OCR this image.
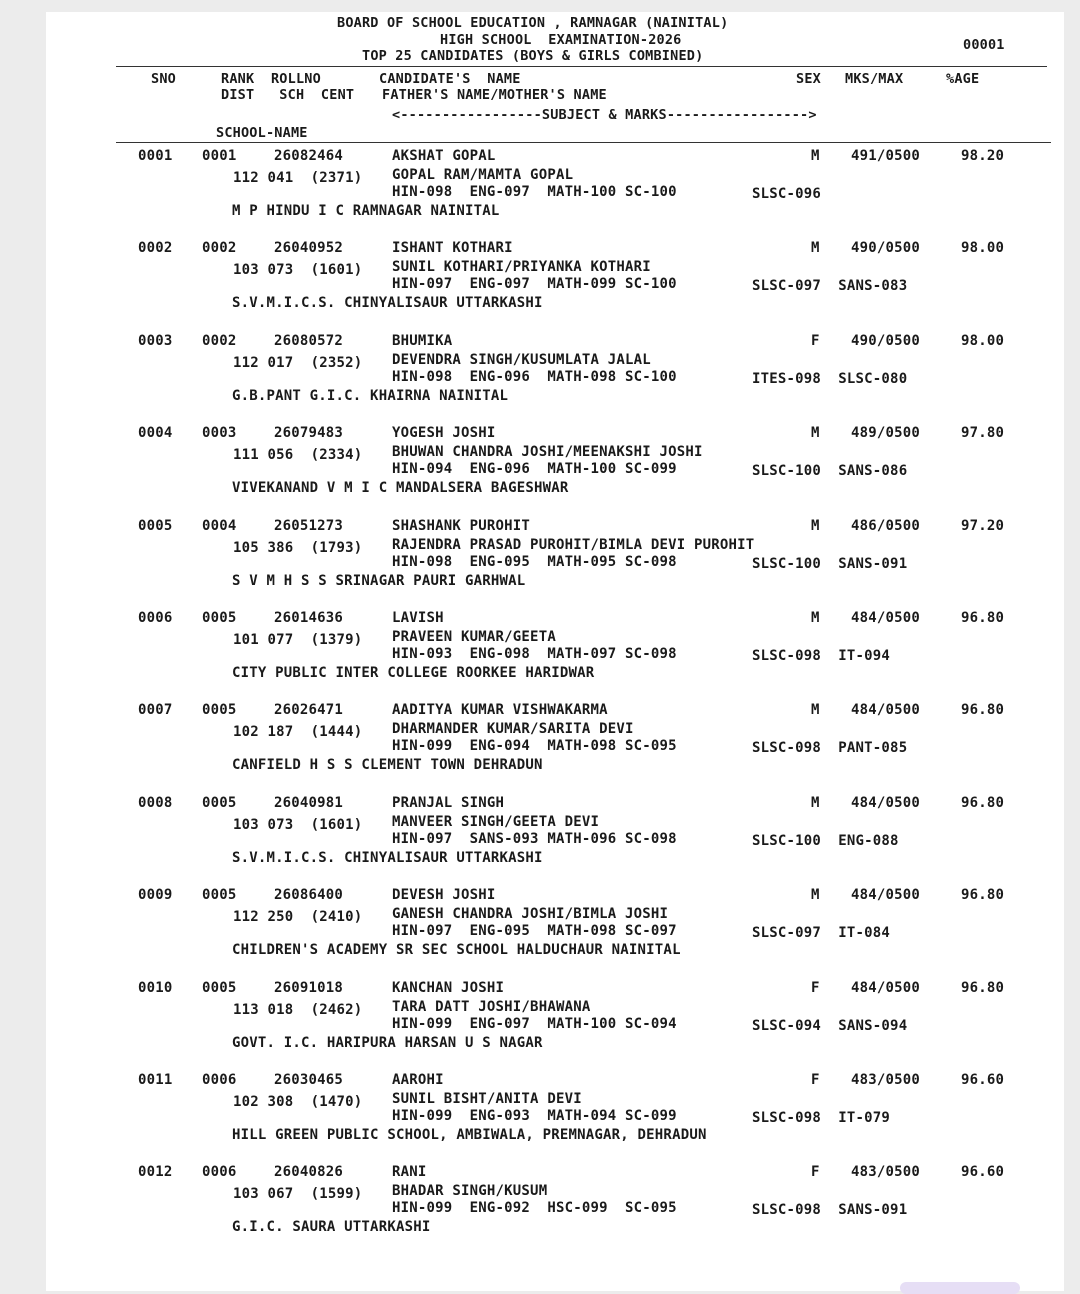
BOARD OF SCHOOL EDUCATION , RAMNAGAR (NAINITAL)
HIGH SCHOOL  EXAMINATION-2026
TOP 25 CANDIDATES (BOYS & GIRLS COMBINED)
00001
SNO	RANK  ROLLNO	CANDIDATE'S  NAME	SEX MKS/MAX	%AGE
DIST   SCH  CENT FATHER'S NAME/MOTHER'S NAME
<-----------------SUBJECT & MARKS----------------->
SCHOOL-NAME
0001 0001	26082464	AKSHAT GOPAL	M 491/0500	98.20
112 041  (2371) GOPAL RAM/MAMTA GOPAL
HIN-098  ENG-097  MATH-100 SC-100	SLSC-096
M P HINDU I C RAMNAGAR NAINITAL
0002 0002	26040952	ISHANT KOTHARI	M 490/0500	98.00
103 073  (1601) SUNIL KOTHARI/PRIYANKA KOTHARI
HIN-097  ENG-097  MATH-099 SC-100	SLSC-097  SANS-083
S.V.M.I.C.S. CHINYALISAUR UTTARKASHI
0003 0002	26080572	BHUMIKA	F 490/0500	98.00
112 017  (2352) DEVENDRA SINGH/KUSUMLATA JALAL
HIN-098  ENG-096  MATH-098 SC-100	ITES-098  SLSC-080
G.B.PANT G.I.C. KHAIRNA NAINITAL
0004 0003	26079483	YOGESH JOSHI	M 489/0500	97.80
111 056  (2334) BHUWAN CHANDRA JOSHI/MEENAKSHI JOSHI
HIN-094  ENG-096  MATH-100 SC-099	SLSC-100  SANS-086
VIVEKANAND V M I C MANDALSERA BAGESHWAR
0005 0004	26051273	SHASHANK PUROHIT	M 486/0500	97.20
105 386  (1793) RAJENDRA PRASAD PUROHIT/BIMLA DEVI PUROHIT
HIN-098  ENG-095  MATH-095 SC-098	SLSC-100  SANS-091
S V M H S S SRINAGAR PAURI GARHWAL
0006 0005	26014636	LAVISH	M 484/0500	96.80
101 077  (1379) PRAVEEN KUMAR/GEETA
HIN-093  ENG-098  MATH-097 SC-098	SLSC-098  IT-094
CITY PUBLIC INTER COLLEGE ROORKEE HARIDWAR
0007 0005	26026471	AADITYA KUMAR VISHWAKARMA	M 484/0500	96.80
102 187  (1444) DHARMANDER KUMAR/SARITA DEVI
HIN-099  ENG-094  MATH-098 SC-095	SLSC-098  PANT-085
CANFIELD H S S CLEMENT TOWN DEHRADUN
0008 0005	26040981	PRANJAL SINGH	M 484/0500	96.80
103 073  (1601) MANVEER SINGH/GEETA DEVI
HIN-097  SANS-093 MATH-096 SC-098	SLSC-100  ENG-088
S.V.M.I.C.S. CHINYALISAUR UTTARKASHI
0009 0005	26086400	DEVESH JOSHI	M 484/0500	96.80
112 250  (2410) GANESH CHANDRA JOSHI/BIMLA JOSHI
HIN-097  ENG-095  MATH-098 SC-097	SLSC-097  IT-084
CHILDREN'S ACADEMY SR SEC SCHOOL HALDUCHAUR NAINITAL
0010 0005	26091018	KANCHAN JOSHI	F 484/0500	96.80
113 018  (2462) TARA DATT JOSHI/BHAWANA
HIN-099  ENG-097  MATH-100 SC-094	SLSC-094  SANS-094
GOVT. I.C. HARIPURA HARSAN U S NAGAR
0011 0006	26030465	AAROHI	F 483/0500	96.60
102 308  (1470) SUNIL BISHT/ANITA DEVI
HIN-099  ENG-093  MATH-094 SC-099	SLSC-098  IT-079
HILL GREEN PUBLIC SCHOOL, AMBIWALA, PREMNAGAR, DEHRADUN
0012 0006	26040826	RANI	F 483/0500	96.60
103 067  (1599) BHADAR SINGH/KUSUM
HIN-099  ENG-092  HSC-099  SC-095	SLSC-098  SANS-091
G.I.C. SAURA UTTARKASHI
